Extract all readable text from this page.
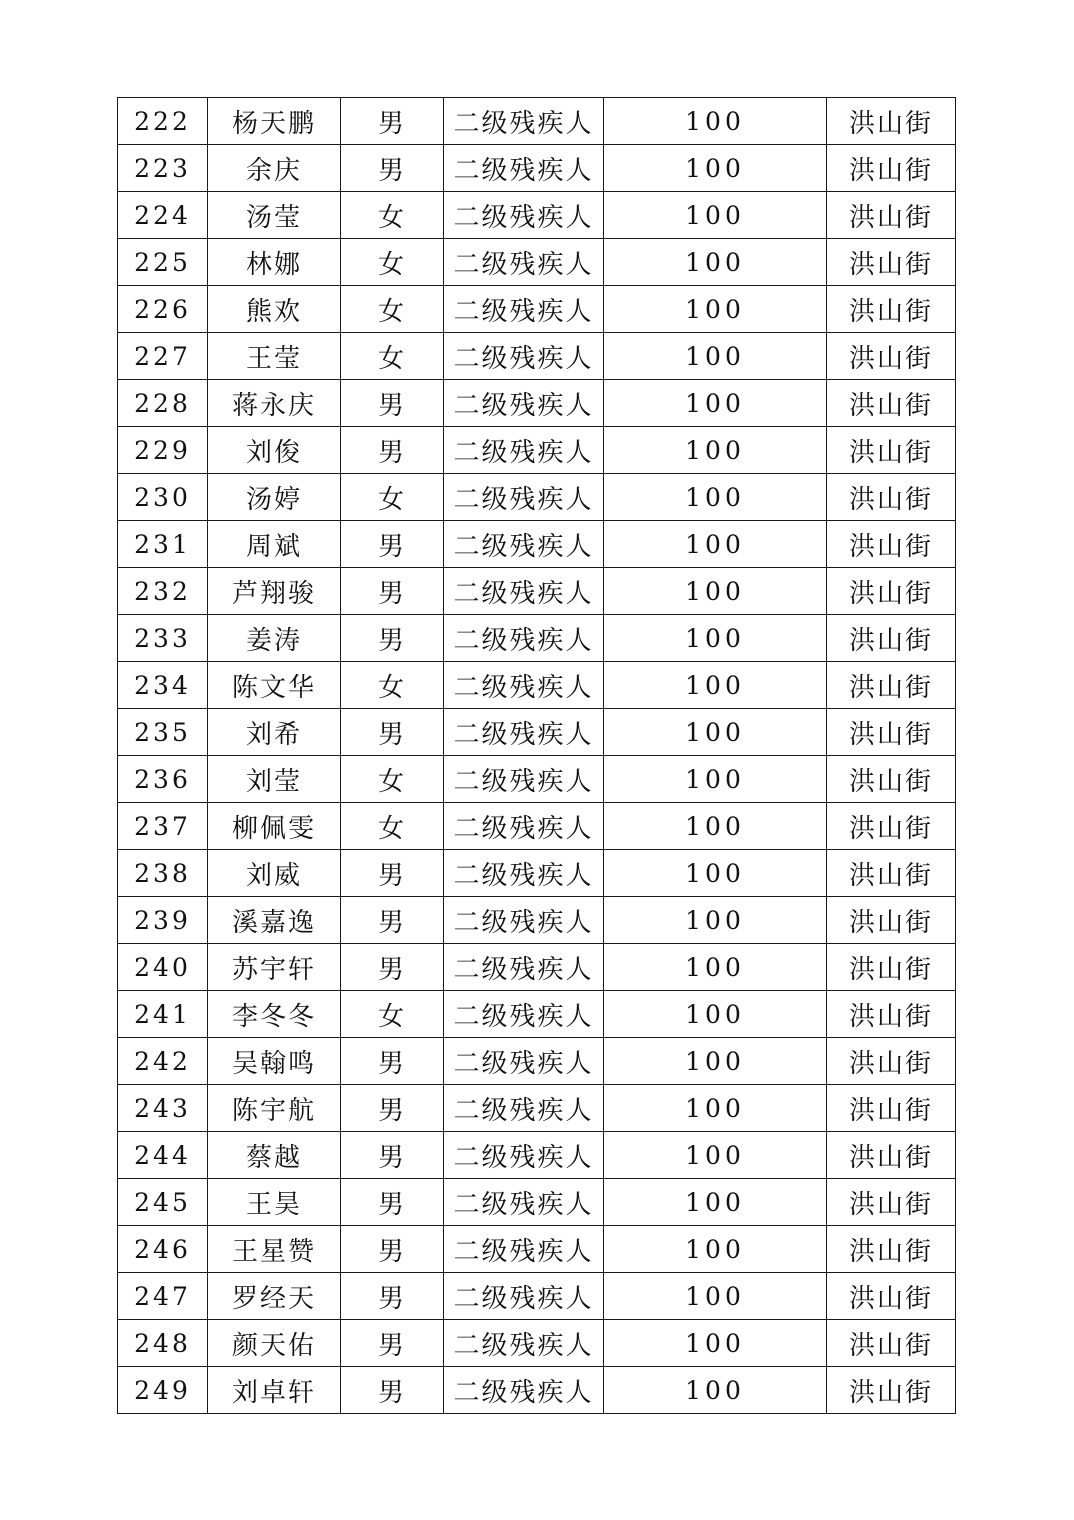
222	杨天鹏	男	二级残疾人	100	洪山街
223	余庆	男	二级残疾人	100	洪山街
224	汤莹	女	二级残疾人	100	洪山街
225	林娜	女	二级残疾人	100	洪山街
226	熊欢	女	二级残疾人	100	洪山街
227	王莹	女	二级残疾人	100	洪山街
228	蒋永庆	男	二级残疾人	100	洪山街
229	刘俊	男	二级残疾人	100	洪山街
230	汤婷	女	二级残疾人	100	洪山街
231	周斌	男	二级残疾人	100	洪山街
232	芦翔骏	男	二级残疾人	100	洪山街
233	姜涛	男	二级残疾人	100	洪山街
234	陈文华	女	二级残疾人	100	洪山街
235	刘希	男	二级残疾人	100	洪山街
236	刘莹	女	二级残疾人	100	洪山街
237	柳佩雯	女	二级残疾人	100	洪山街
238	刘威	男	二级残疾人	100	洪山街
239	溪嘉逸	男	二级残疾人	100	洪山街
240	苏宇轩	男	二级残疾人	100	洪山街
241	李冬冬	女	二级残疾人	100	洪山街
242	吴翰鸣	男	二级残疾人	100	洪山街
243	陈宇航	男	二级残疾人	100	洪山街
244	蔡越	男	二级残疾人	100	洪山街
245	王昊	男	二级残疾人	100	洪山街
246	王星赞	男	二级残疾人	100	洪山街
247	罗经天	男	二级残疾人	100	洪山街
248	颜天佑	男	二级残疾人	100	洪山街
249	刘卓轩	男	二级残疾人	100	洪山街
